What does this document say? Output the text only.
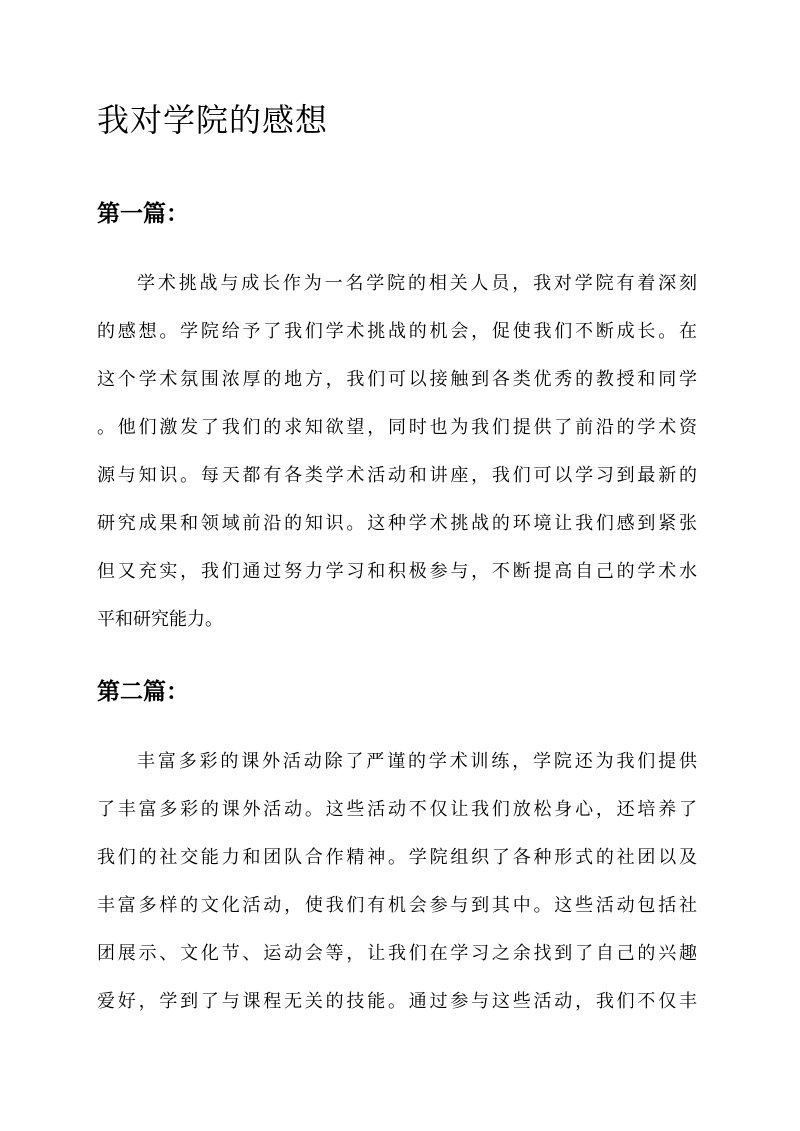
我对学院的感想
第一篇：
学术挑战与成长作为一名学院的相关人员，我对学院有着深刻
的感想。学院给予了我们学术挑战的机会，促使我们不断成长。在
这个学术氛围浓厚的地方，我们可以接触到各类优秀的教授和同学
。他们激发了我们的求知欲望，同时也为我们提供了前沿的学术资
源与知识。每天都有各类学术活动和讲座，我们可以学习到最新的
研究成果和领域前沿的知识。这种学术挑战的环境让我们感到紧张
但又充实，我们通过努力学习和积极参与，不断提高自己的学术水
平和研究能力。
第二篇：
丰富多彩的课外活动除了严谨的学术训练，学院还为我们提供
了丰富多彩的课外活动。这些活动不仅让我们放松身心，还培养了
我们的社交能力和团队合作精神。学院组织了各种形式的社团以及
丰富多样的文化活动，使我们有机会参与到其中。这些活动包括社
团展示、文化节、运动会等，让我们在学习之余找到了自己的兴趣
爱好，学到了与课程无关的技能。通过参与这些活动，我们不仅丰
